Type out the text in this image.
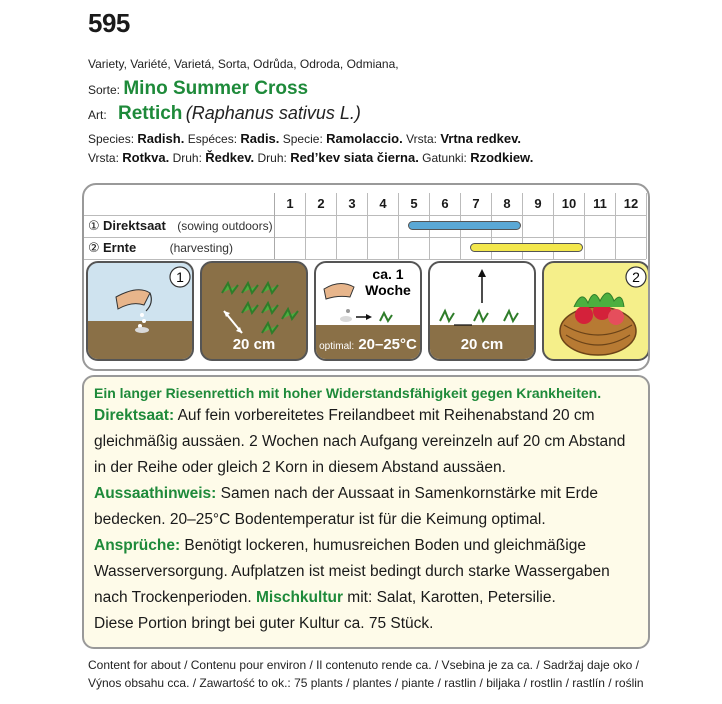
595
Variety, Variété, Varietá, Sorta, Odrůda, Odroda, Odmiana,
Sorte: Mino Summer Cross
Art: Rettich (Raphanus sativus L.)
Species: Radish. Espéces: Radis. Specie: Ramolaccio. Vrsta: Vrtna redkev.
Vrsta: Rotkva. Druh: Ředkev. Druh: Red’kev siata čierna. Gatunki: Rzodkiew.
① Direktsaat (sowing outdoors)
② Ernte	(harvesting)
1	2	3	4	5	6	7	8	9	10	11	12
1
20 cm
ca. 1
Woche
optimal: 20–25°C	20 cm
2
Ein langer Riesenrettich mit hoher Widerstandsfähigkeit gegen Krankheiten.

Direktsaat: Auf fein vorbereitetes Freilandbeet mit Reihenabstand 20 cm gleichmäßig aussäen. 2 Wochen nach Aufgang vereinzeln auf 20 cm Abstand in der Reihe oder gleich 2 Korn in diesem Abstand aussäen.
Aussaathinweis: Samen nach der Aussaat in Samenkornstärke mit Erde bedecken. 20–25°C Bodentemperatur ist für die Keimung optimal.
Ansprüche: Benötigt lockeren, humusreichen Boden und gleichmäßige Wasserversorgung. Aufplatzen ist meist bedingt durch starke Wassergaben nach Trockenperioden. Mischkultur mit: Salat, Karotten, Petersilie.
Diese Portion bringt bei guter Kultur ca. 75 Stück.

Content for about / Contenu pour environ / Il contenuto rende ca. / Vsebina je za ca. / Sadržaj daje oko /
Výnos obsahu cca. / Zawartość to ok.: 75 plants / plantes / piante / rastlin / biljaka / rostlin / rastlín / roślin
